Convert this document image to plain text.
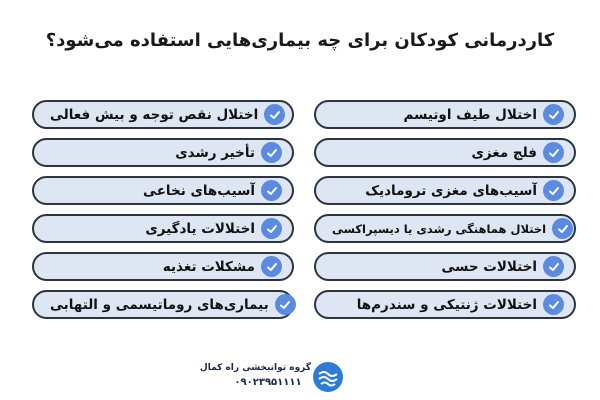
کاردرمانی کودکان برای چه بیماری‌هایی استفاده می‌شود؟
اختلال طیف اوتیسم
فلج مغزی
آسیب‌های مغزی ترومادیک
اختلال هماهنگی رشدی یا دیسپراکسی
اختلالات حسی
اختلالات ژنتیکی و سندرم‌ها
اختلال نقص توجه و بیش فعالی
تأخیر رشدی
آسیب‌های نخاعی
اختلالات یادگیری
مشکلات تغذیه
بیماری‌های روماتیسمی و التهابی
گروه توانبخشی راه کمال
۰۹۰۲۳۹۵۱۱۱۱
